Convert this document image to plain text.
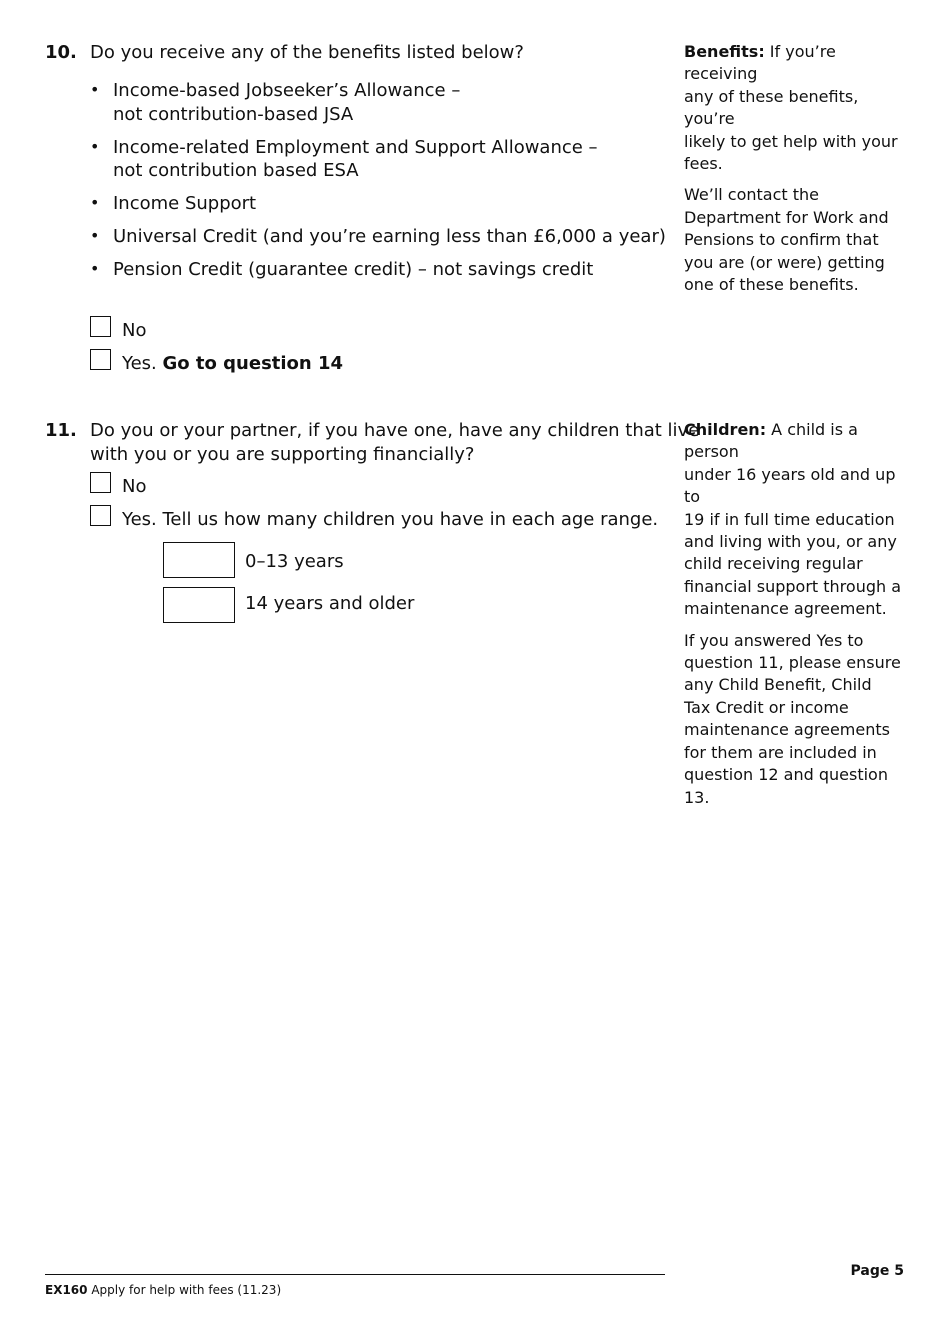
10. Do you receive any of the benefits listed below?
• Income-based Jobseeker’s Allowance –
not contribution-based JSA
• Income-related Employment and Support Allowance –
not contribution based ESA
• Income Support
• Universal Credit (and you’re earning less than £6,000 a year)
• Pension Credit (guarantee credit) – not savings credit
No
Yes. Go to question 14
11. Do you or your partner, if you have one, have any children that live
with you or you are supporting financially?
No
Yes. Tell us how many children you have in each age range.
0–13 years
14 years and older

Benefits: If you’re receiving

any of these benefits, you’re

likely to get help with your

fees.

We’ll contact the

Department for Work and

Pensions to confirm that

you are (or were) getting

one of these benefits.

Children: A child is a person

under 16 years old and up to

19 if in full time education

and living with you, or any

child receiving regular

financial support through a

maintenance agreement.

If you answered Yes to

question 11, please ensure

any Child Benefit, Child

Tax Credit or income

maintenance agreements

for them are included in

question 12 and question 13.

EX160 Apply for help with fees (11.23)
Page 5
